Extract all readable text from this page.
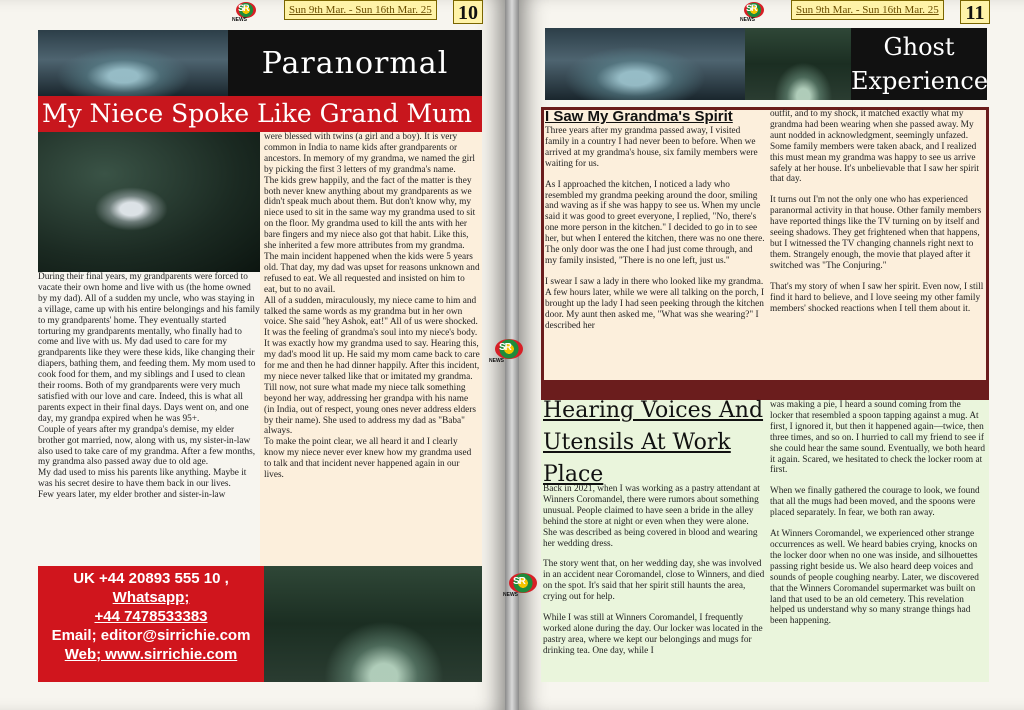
SR
NEWS
Sun 9th Mar. - Sun 16th Mar. 25 10
Paranormal
My Niece Spoke Like Grand Mum

During their final years, my grandparents were forced to vacate their own home and live with us (the home owned by my dad). All of a sudden my uncle, who was staying in a village, came up with his entire belongings and his family to my grandparents' home. They eventually started torturing my grandparents mentally, who finally had to come and live with us. My dad used to care for my grandparents like they were these kids, like changing their diapers, bathing them, and feeding them. My mom used to cook food for them, and my siblings and I used to clean their rooms. Both of my grandparents were very much satisfied with our love and care. Indeed, this is what all parents expect in their final days. Days went on, and one day, my grandpa expired when he was 95+.

Couple of years after my grandpa's demise, my elder brother got married, now, along with us, my sister-in-law also used to take care of my grandma. After a few months, my grandma also passed away due to old age.

My dad used to miss his parents like anything. Maybe it was his secret desire to have them back in our lives.

Few years later, my elder brother and sister-in-law

were blessed with twins (a girl and a boy). It is very common in India to name kids after grandparents or ancestors. In memory of my grandma, we named the girl by picking the first 3 letters of my grandma's name.

The kids grew happily, and the fact of the matter is they both never knew anything about my grandparents as we didn't speak much about them. But don't know why, my niece used to sit in the same way my grandma used to sit on the floor. My grandma used to kill the ants with her bare fingers and my niece also got that habit. Like this, she inherited a few more attributes from my grandma.

The main incident happened when the kids were 5 years old. That day, my dad was upset for reasons unknown and refused to eat. We all requested and insisted on him to eat, but to no avail.

All of a sudden, miraculously, my niece came to him and talked the same words as my grandma but in her own voice. She said "hey Ashok, eat!" All of us were shocked. It was the feeling of grandma's soul into my niece's body. It was exactly how my grandma used to say. Hearing this, my dad's mood lit up. He said my mom came back to care for me and then he had dinner happily. After this incident, my niece never talked like that or imitated my grandma. Till now, not sure what made my niece talk something beyond her way, addressing her grandpa with his name (in India, out of respect, young ones never address elders by their name). She used to address my dad as "Baba" always.

To make the point clear, we all heard it and I clearly know my niece never ever knew how my grandma used to talk and that incident never happened again in our lives.

UK +44 20893 555 10 ,
Whatsapp;
+44 7478533383
Email; editor@sirrichie.com
Web; www.sirrichie.com
SR
NEWS
SR
NEWS
SR
NEWS
Sun 9th Mar. - Sun 16th Mar. 25 11
Ghost
Experience
I Saw My Grandma's Spirit

Three years after my grandma passed away, I visited family in a country I had never been to before. When we arrived at my grandma's house, six family members were waiting for us.

As I approached the kitchen, I noticed a lady who resembled my grandma peeking around the door, smiling and waving as if she was happy to see us. When my uncle said it was good to greet everyone, I replied, "No, there's one more person in the kitchen." I decided to go in to see her, but when I entered the kitchen, there was no one there. The only door was the one I had just come through, and my family insisted, "There is no one left, just us."

I swear I saw a lady in there who looked like my grandma. A few hours later, while we were all talking on the porch, I brought up the lady I had seen peeking through the kitchen door. My aunt then asked me, "What was she wearing?" I described her

outfit, and to my shock, it matched exactly what my grandma had been wearing when she passed away. My aunt nodded in acknowledgment, seemingly unfazed. Some family members were taken aback, and I realized this must mean my grandma was happy to see us arrive safely at her house. It's unbelievable that I saw her spirit that day.

It turns out I'm not the only one who has experienced paranormal activity in that house. Other family members have reported things like the TV turning on by itself and seeing shadows. They get frightened when that happens, but I witnessed the TV changing channels right next to them. Strangely enough, the movie that played after it switched was "The Conjuring."

That's my story of when I saw her spirit. Even now, I still find it hard to believe, and I love seeing my other family members' shocked reactions when I tell them about it.

Hearing Voices And Utensils At Work Place

Back in 2021, when I was working as a pastry attendant at Winners Coromandel, there were rumors about something unusual. People claimed to have seen a bride in the alley behind the store at night or even when they were alone. She was described as being covered in blood and wearing her wedding dress.

The story went that, on her wedding day, she was involved in an accident near Coromandel, close to Winners, and died on the spot. It's said that her spirit still haunts the area, crying out for help.

While I was still at Winners Coromandel, I frequently worked alone during the day. Our locker was located in the pastry area, where we kept our belongings and mugs for drinking tea. One day, while I

was making a pie, I heard a sound coming from the locker that resembled a spoon tapping against a mug. At first, I ignored it, but then it happened again—twice, then three times, and so on. I hurried to call my friend to see if she could hear the same sound. Eventually, we both heard it again. Scared, we hesitated to check the locker room at first.

When we finally gathered the courage to look, we found that all the mugs had been moved, and the spoons were placed separately. In fear, we both ran away.

At Winners Coromandel, we experienced other strange occurrences as well. We heard babies crying, knocks on the locker door when no one was inside, and silhouettes passing right beside us. We also heard deep voices and sounds of people coughing nearby. Later, we discovered that the Winners Coromandel supermarket was built on land that used to be an old cemetery. This revelation helped us understand why so many strange things had been happening.
